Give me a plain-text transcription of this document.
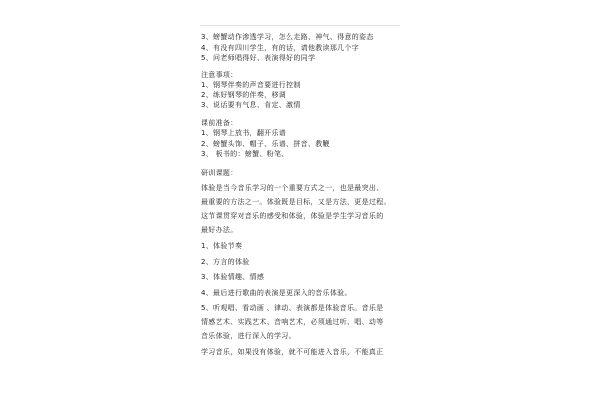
3、螃蟹动作渗透学习，怎么走路、神气、得意的姿态
4、有没有四川学生，有的话，请他教读那几个字
5、问老师唱得好、表演得好的同学
注意事项：
1、钢琴伴奏的声音要进行控制
2、练好钢琴的伴奏，移调
3、说话要有气息、肯定、激情
课前准备：
1、钢琴上放书，翻开乐谱
2、螃蟹头饰、帽子、乐谱、拼音、教鞭
3、 板书的：螃蟹、粉笔、
研训课题：
体验是当今音乐学习的一个重要方式之一，也是最突出、
最重要的方法之一。体验既是目标，又是方法，更是过程。
这节课贯穿对音乐的感受和体验，体验是学生学习音乐的
最好办法。
1、体验节奏
2、方言的体验
3、体验情趣、情感
4、最后进行歌曲的表演是更深入的音乐体验。
5、听观唱、看动画 、律动、表演都是体验音乐。音乐是
情感艺术、实践艺术、音响艺术，必须通过听、唱、动等
音乐体验，进行深入的学习。
学习音乐，如果没有体验，就不可能进入音乐，不能真正
